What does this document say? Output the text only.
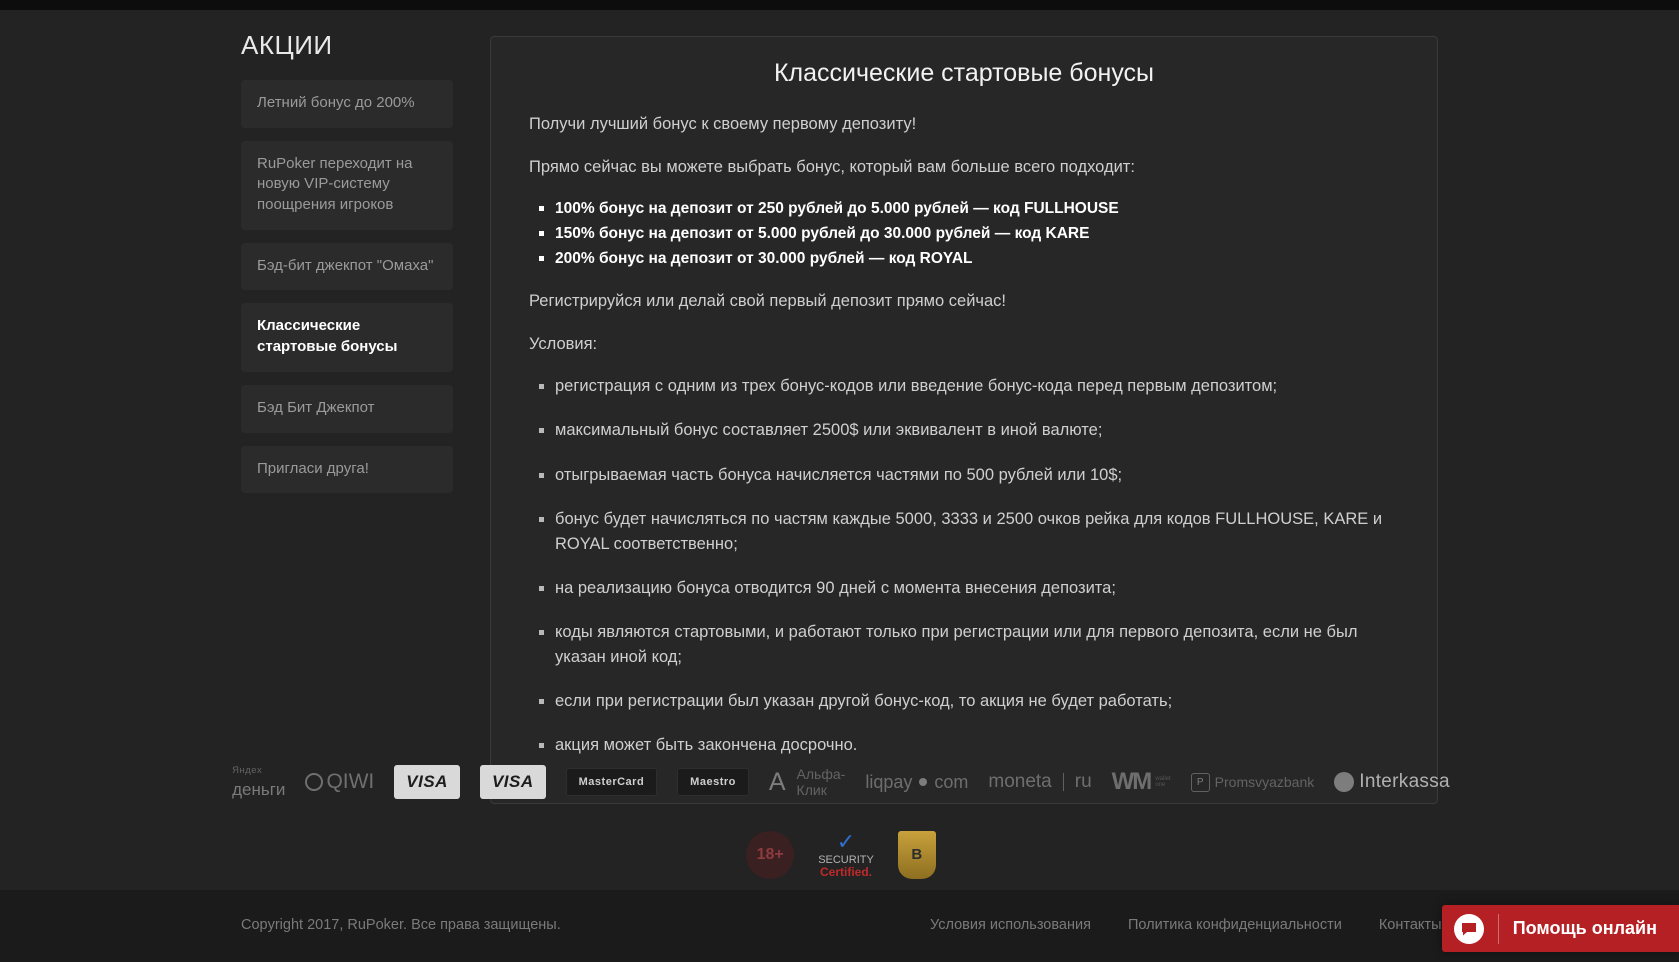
АКЦИИ
Летний бонус до 200%
RuPoker переходит на новую VIP-систему поощрения игроков
Бэд-бит джекпот "Омаха"
Классические стартовые бонусы
Бэд Бит Джекпот
Пригласи друга!
Классические стартовые бонусы

Получи лучший бонус к своему первому депозиту!

Прямо сейчас вы можете выбрать бонус, который вам больше всего подходит:

100% бонус на депозит от 250 рублей до 5.000 рублей — код FULLHOUSE
150% бонус на депозит от 5.000 рублей до 30.000 рублей — код KARE
200% бонус на депозит от 30.000 рублей — код ROYAL

Регистрируйся или делай свой первый депозит прямо сейчас!

Условия:

регистрация с одним из трех бонус-кодов или введение бонус-кода перед первым депозитом;
максимальный бонус составляет 2500$ или эквивалент в иной валюте;
отыгрываемая часть бонуса начисляется частями по 500 рублей или 10$;
бонус будет начисляться по частям каждые 5000, 3333 и 2500 очков рейка для кодов FULLHOUSE, KARE и ROYAL соответственно;
на реализацию бонуса отводится 90 дней с момента внесения депозита;
коды являются стартовыми, и работают только при регистрации или для первого депозита, если не был указан иной код;
если при регистрации был указан другой бонус-код, то акция не будет работать;
акция может быть закончена досрочно.
Яндex
деньги QIWI	VISA	VISA	MasterCard	Maestro	A Альфа-Клик	liqpay com moneta ru WM wallet one	P Promsvyazbank Interkassa
18+
✓
SECURITY
Certified.
B
Copyright 2017, RuPoker. Все права защищены.	Условия использования	Политика конфиденциальности	Контакты	Помощь онлайн
